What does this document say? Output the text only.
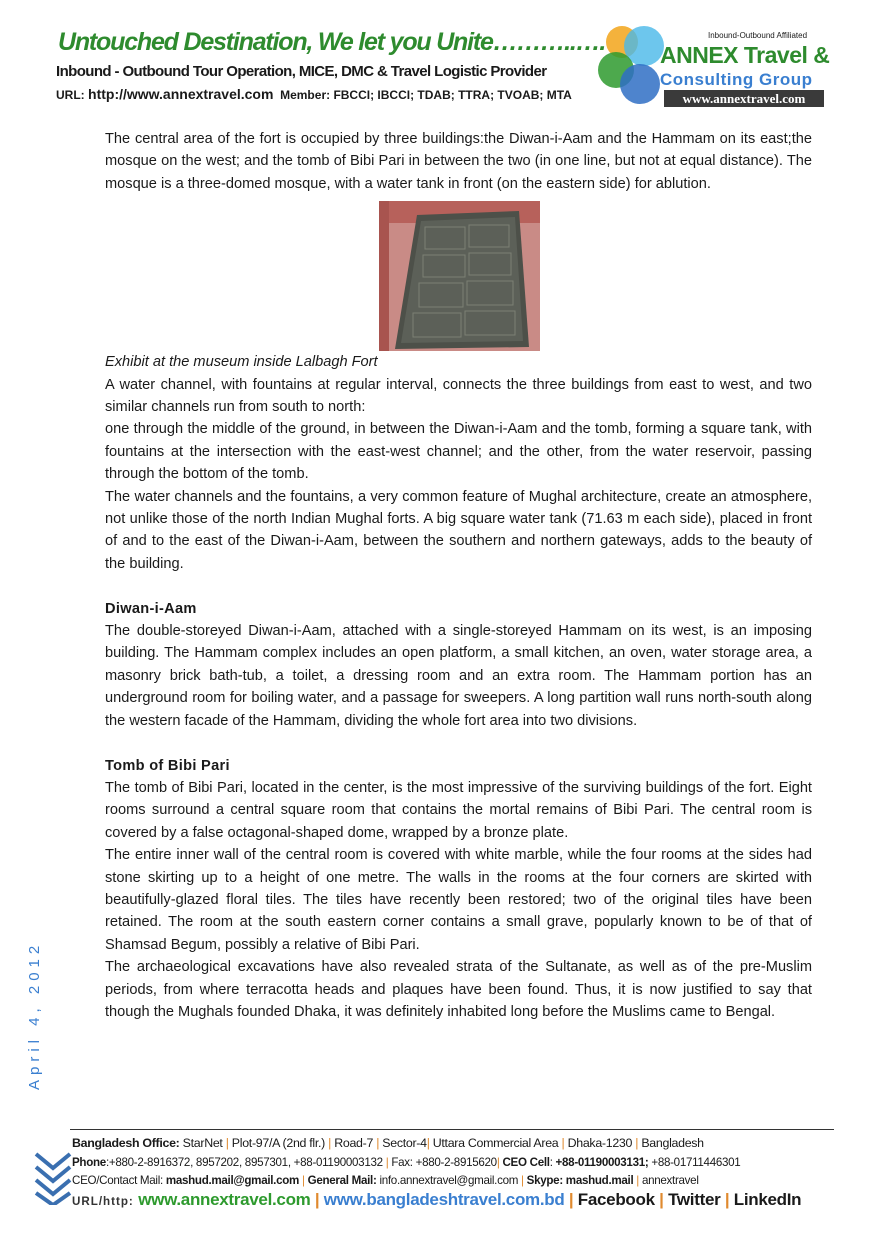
Untouched Destination, We let you Unite………..….
Inbound - Outbound Tour Operation, MICE, DMC & Travel Logistic Provider
URL: http://www.annextravel.com Member: FBCCI; IBCCI; TDAB; TTRA; TVOAB; MTA
Inbound-Outbound Affiliated
ANNEX Travel &
Consulting Group
www.annextravel.com

The central area of the fort is occupied by three buildings:the Diwan-i-Aam and the Hammam on its east;the mosque on the west; and the tomb of Bibi Pari in between the two (in one line, but not at equal distance). The mosque is a three-domed mosque, with a water tank in front (on the eastern side) for ablution.

Exhibit at the museum inside Lalbagh Fort

A water channel, with fountains at regular interval, connects the three buildings from east to west, and two similar channels run from south to north:

one through the middle of the ground, in between the Diwan-i-Aam and the tomb, forming a square tank, with fountains at the intersection with the east-west channel; and the other, from the water reservoir, passing through the bottom of the tomb.

The water channels and the fountains, a very common feature of Mughal architecture, create an atmosphere, not unlike those of the north Indian Mughal forts. A big square water tank (71.63 m each side), placed in front of and to the east of the Diwan-i-Aam, between the southern and northern gateways, adds to the beauty of the building.

Diwan-i-Aam

The double-storeyed Diwan-i-Aam, attached with a single-storeyed Hammam on its west, is an imposing building. The Hammam complex includes an open platform, a small kitchen, an oven, water storage area, a masonry brick bath-tub, a toilet, a dressing room and an extra room. The Hammam portion has an underground room for boiling water, and a passage for sweepers. A long partition wall runs north-south along the western facade of the Hammam, dividing the whole fort area into two divisions.

Tomb of Bibi Pari

The tomb of Bibi Pari, located in the center, is the most impressive of the surviving buildings of the fort. Eight rooms surround a central square room that contains the mortal remains of Bibi Pari. The central room is covered by a false octagonal-shaped dome, wrapped by a bronze plate.

The entire inner wall of the central room is covered with white marble, while the four rooms at the sides had stone skirting up to a height of one metre. The walls in the rooms at the four corners are skirted with beautifully-glazed floral tiles. The tiles have recently been restored; two of the original tiles have been retained. The room at the south eastern corner contains a small grave, popularly known to be of that of Shamsad Begum, possibly a relative of Bibi Pari.

The archaeological excavations have also revealed strata of the Sultanate, as well as of the pre-Muslim periods, from where terracotta heads and plaques have been found. Thus, it is now justified to say that though the Mughals founded Dhaka, it was definitely inhabited long before the Muslims came to Bengal.

April 4, 2012
Bangladesh Office: StarNet | Plot-97/A (2nd flr.) | Road-7 | Sector-4| Uttara Commercial Area | Dhaka-1230 | Bangladesh
Phone:+880-2-8916372, 8957202, 8957301, +88-01190003132 | Fax: +880-2-8915620| CEO Cell: +88-01190003131; +88-01711446301
CEO/Contact Mail: mashud.mail@gmail.com | General Mail: info.annextravel@gmail.com | Skype: mashud.mail | annextravel
URL/http: www.annextravel.com | www.bangladeshtravel.com.bd | Facebook | Twitter | LinkedIn
